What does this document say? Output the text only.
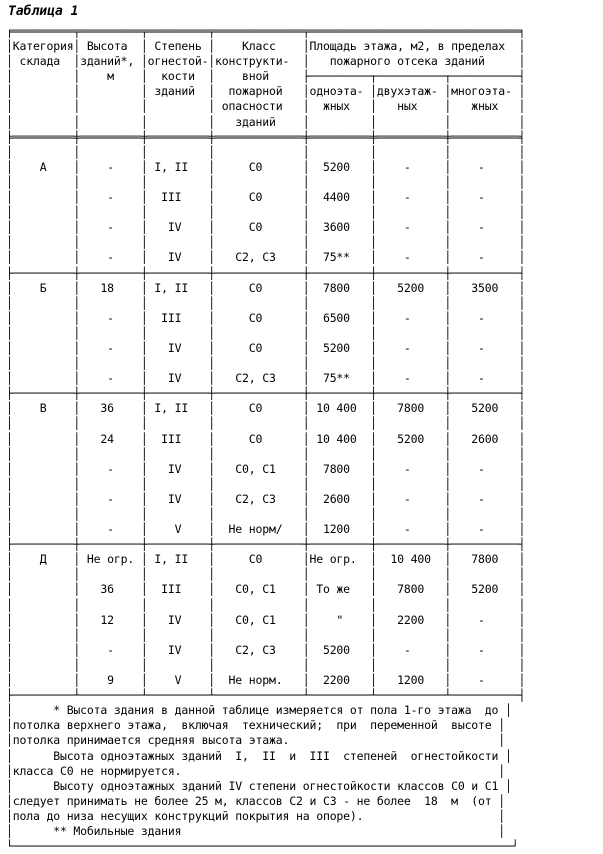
Таблица 1
╒═════════╤═════════╤═════════╤═════════════╤═══════════════════════════════╕
│Категория│ Высота  │ Степень │    Класс    │Площадь этажа, м2, в пределах  │
│ склада  │зданий*, │огнестой-│конструкти-  │   пожарного отсека зданий     │
│         │    м    │  кости  │    вной     ├─────────┬──────────┬──────────┤
│         │         │ зданий  │  пожарной   │одноэта- │двухэтаж- │многоэта- │
│         │         │         │ опасности   │  жных   │   ных    │   жных   │
│         │         │         │   зданий    │         │          │          │
╞═════════╪═════════╪═════════╪═════════════╪═════════╪══════════╪══════════╡
│         │         │         │             │         │          │          │
│    А    │    -    │ I, II   │     С0      │  5200   │    -     │    -     │
│         │         │         │             │         │          │          │
│         │    -    │  III    │     С0      │  4400   │    -     │    -     │
│         │         │         │             │         │          │          │
│         │    -    │   IV    │     С0      │  3600   │    -     │    -     │
│         │         │         │             │         │          │          │
│         │    -    │   IV    │   С2, С3    │  75**   │    -     │    -     │
├─────────┼─────────┼─────────┼─────────────┼─────────┼──────────┼──────────┤
│    Б    │   18    │ I, II   │     С0      │  7800   │   5200   │   3500   │
│         │         │         │             │         │          │          │
│         │    -    │  III    │     С0      │  6500   │    -     │    -     │
│         │         │         │             │         │          │          │
│         │    -    │   IV    │     С0      │  5200   │    -     │    -     │
│         │         │         │             │         │          │          │
│         │    -    │   IV    │   С2, С3    │  75**   │    -     │    -     │
├─────────┼─────────┼─────────┼─────────────┼─────────┼──────────┼──────────┤
│    В    │   36    │ I, II   │     С0      │ 10 400  │   7800   │   5200   │
│         │         │         │             │         │          │          │
│         │   24    │  III    │     С0      │ 10 400  │   5200   │   2600   │
│         │         │         │             │         │          │          │
│         │    -    │   IV    │   С0, С1    │  7800   │    -     │    -     │
│         │         │         │             │         │          │          │
│         │    -    │   IV    │   С2, С3    │  2600   │    -     │    -     │
│         │         │         │             │         │          │          │
│         │    -    │    V    │  Не норм/   │  1200   │    -     │    -     │
├─────────┼─────────┼─────────┼─────────────┼─────────┼──────────┼──────────┤
│    Д    │ Не огр. │ I, II   │     С0      │Не огр.  │  10 400  │   7800   │
│         │         │         │             │         │          │          │
│         │   36    │  III    │   С0, С1    │ То же   │   7800   │   5200   │
│         │         │         │             │         │          │          │
│         │   12    │   IV    │   С0, С1    │    "    │   2200   │    -     │
│         │         │         │             │         │          │          │
│         │    -    │   IV    │   С2, С3    │  5200   │    -     │    -     │
│         │         │         │             │         │          │          │
│         │    9    │    V    │  Не норм.   │  2200   │   1200   │    -     │
├─────────┴─────────┴─────────┴─────────────┴─────────┴──────────┴──────────┤
│      * Высота здания в данной таблице измеряется от пола 1-го этажа  до │
│потолка верхнего этажа,  включая  технический;  при  переменной  высоте │
│потолка принимается средняя высота этажа.                               │
│      Высота одноэтажных зданий  I,  II  и  III  степеней  огнестойкости │
│класса С0 не нормируется.                                               │
│      Высоту одноэтажных зданий IV степени огнестойкости классов С0 и С1 │
│следует принимать не более 25 м, классов С2 и С3 - не более  18  м  (от │
│пола до низа несущих конструкций покрытия на опоре).                    │
│      ** Мобильные здания                                               │
└──────────────────────────────────────────────────────────────────────────┘
